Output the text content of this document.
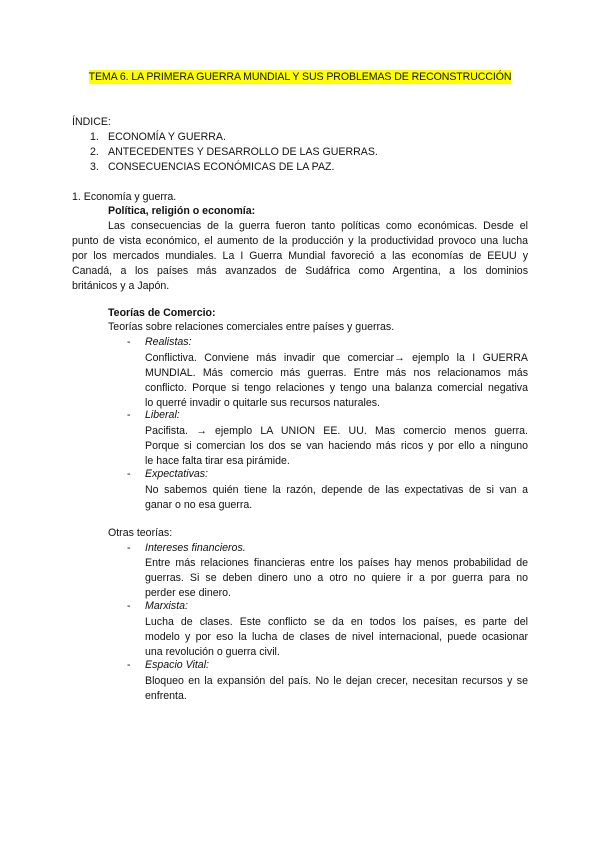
TEMA 6. LA PRIMERA GUERRA MUNDIAL Y SUS PROBLEMAS DE RECONSTRUCCIÓN
ÍNDICE:
1. ECONOMÍA Y GUERRA.
2. ANTECEDENTES Y DESARROLLO DE LAS GUERRAS.
3. CONSECUENCIAS ECONÓMICAS DE LA PAZ.
1. Economía y guerra.
Política, religión o economía:
Las consecuencias de la guerra fueron tanto políticas como económicas. Desde el
punto de vista económico, el aumento de la producción y la productividad provoco una lucha
por los mercados mundiales. La I Guerra Mundial favoreció a las economías de EEUU y
Canadá, a los países más avanzados de Sudáfrica como Argentina, a los dominios
británicos y a Japón.
Teorías de Comercio:
Teorías sobre relaciones comerciales entre países y guerras.
- Realistas:
Conflictiva. Conviene más invadir que comerciar→ ejemplo la I GUERRA
MUNDIAL. Más comercio más guerras. Entre más nos relacionamos más
conflicto. Porque si tengo relaciones y tengo una balanza comercial negativa
lo querré invadir o quitarle sus recursos naturales.
- Liberal:
Pacifista. → ejemplo LA UNION EE. UU. Mas comercio menos guerra.
Porque si comercian los dos se van haciendo más ricos y por ello a ninguno
le hace falta tirar esa pirámide.
- Expectativas:
No sabemos quién tiene la razón, depende de las expectativas de si van a
ganar o no esa guerra.
Otras teorías:
- Intereses financieros.
Entre más relaciones financieras entre los países hay menos probabilidad de
guerras. Si se deben dinero uno a otro no quiere ir a por guerra para no
perder ese dinero.
- Marxista:
Lucha de clases. Este conflicto se da en todos los países, es parte del
modelo y por eso la lucha de clases de nivel internacional, puede ocasionar
una revolución o guerra civil.
- Espacio Vital:
Bloqueo en la expansión del país. No le dejan crecer, necesitan recursos y se
enfrenta.
